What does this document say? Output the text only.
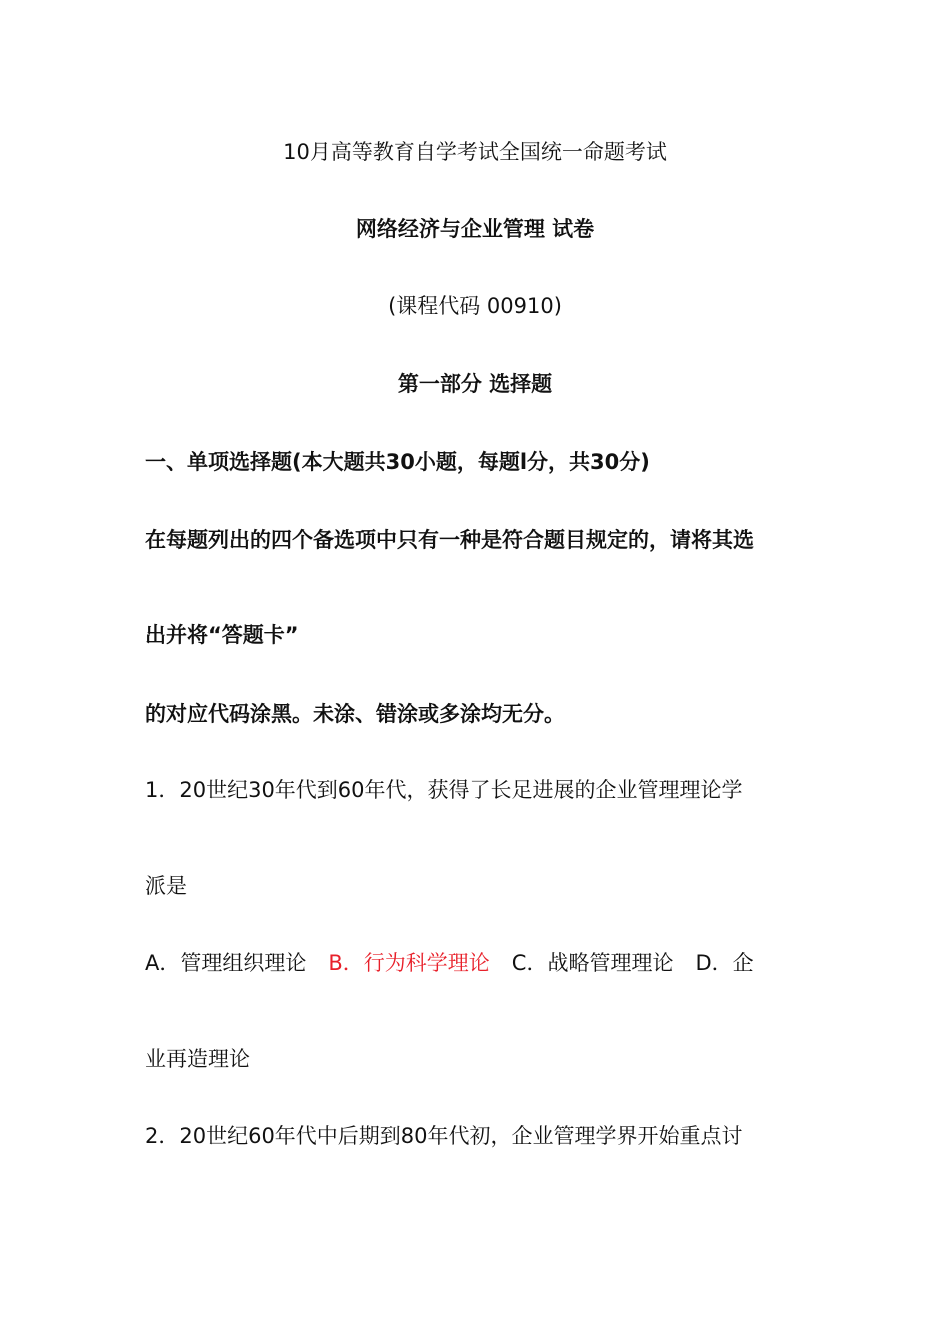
10月高等教育自学考试全国统一命题考试
网络经济与企业管理 试卷
(课程代码 00910)
第一部分 选择题
一、单项选择题(本大题共30小题，每题l分，共30分)
在每题列出的四个备选项中只有一种是符合题目规定的，请将其选
出并将“答题卡”
的对应代码涂黑。未涂、错涂或多涂均无分。
1．20世纪30年代到60年代，获得了长足进展的企业管理理论学
派是
A．管理组织理论 B．行为科学理论 C．战略管理理论 D．企
业再造理论
2．20世纪60年代中后期到80年代初，企业管理学界开始重点讨
